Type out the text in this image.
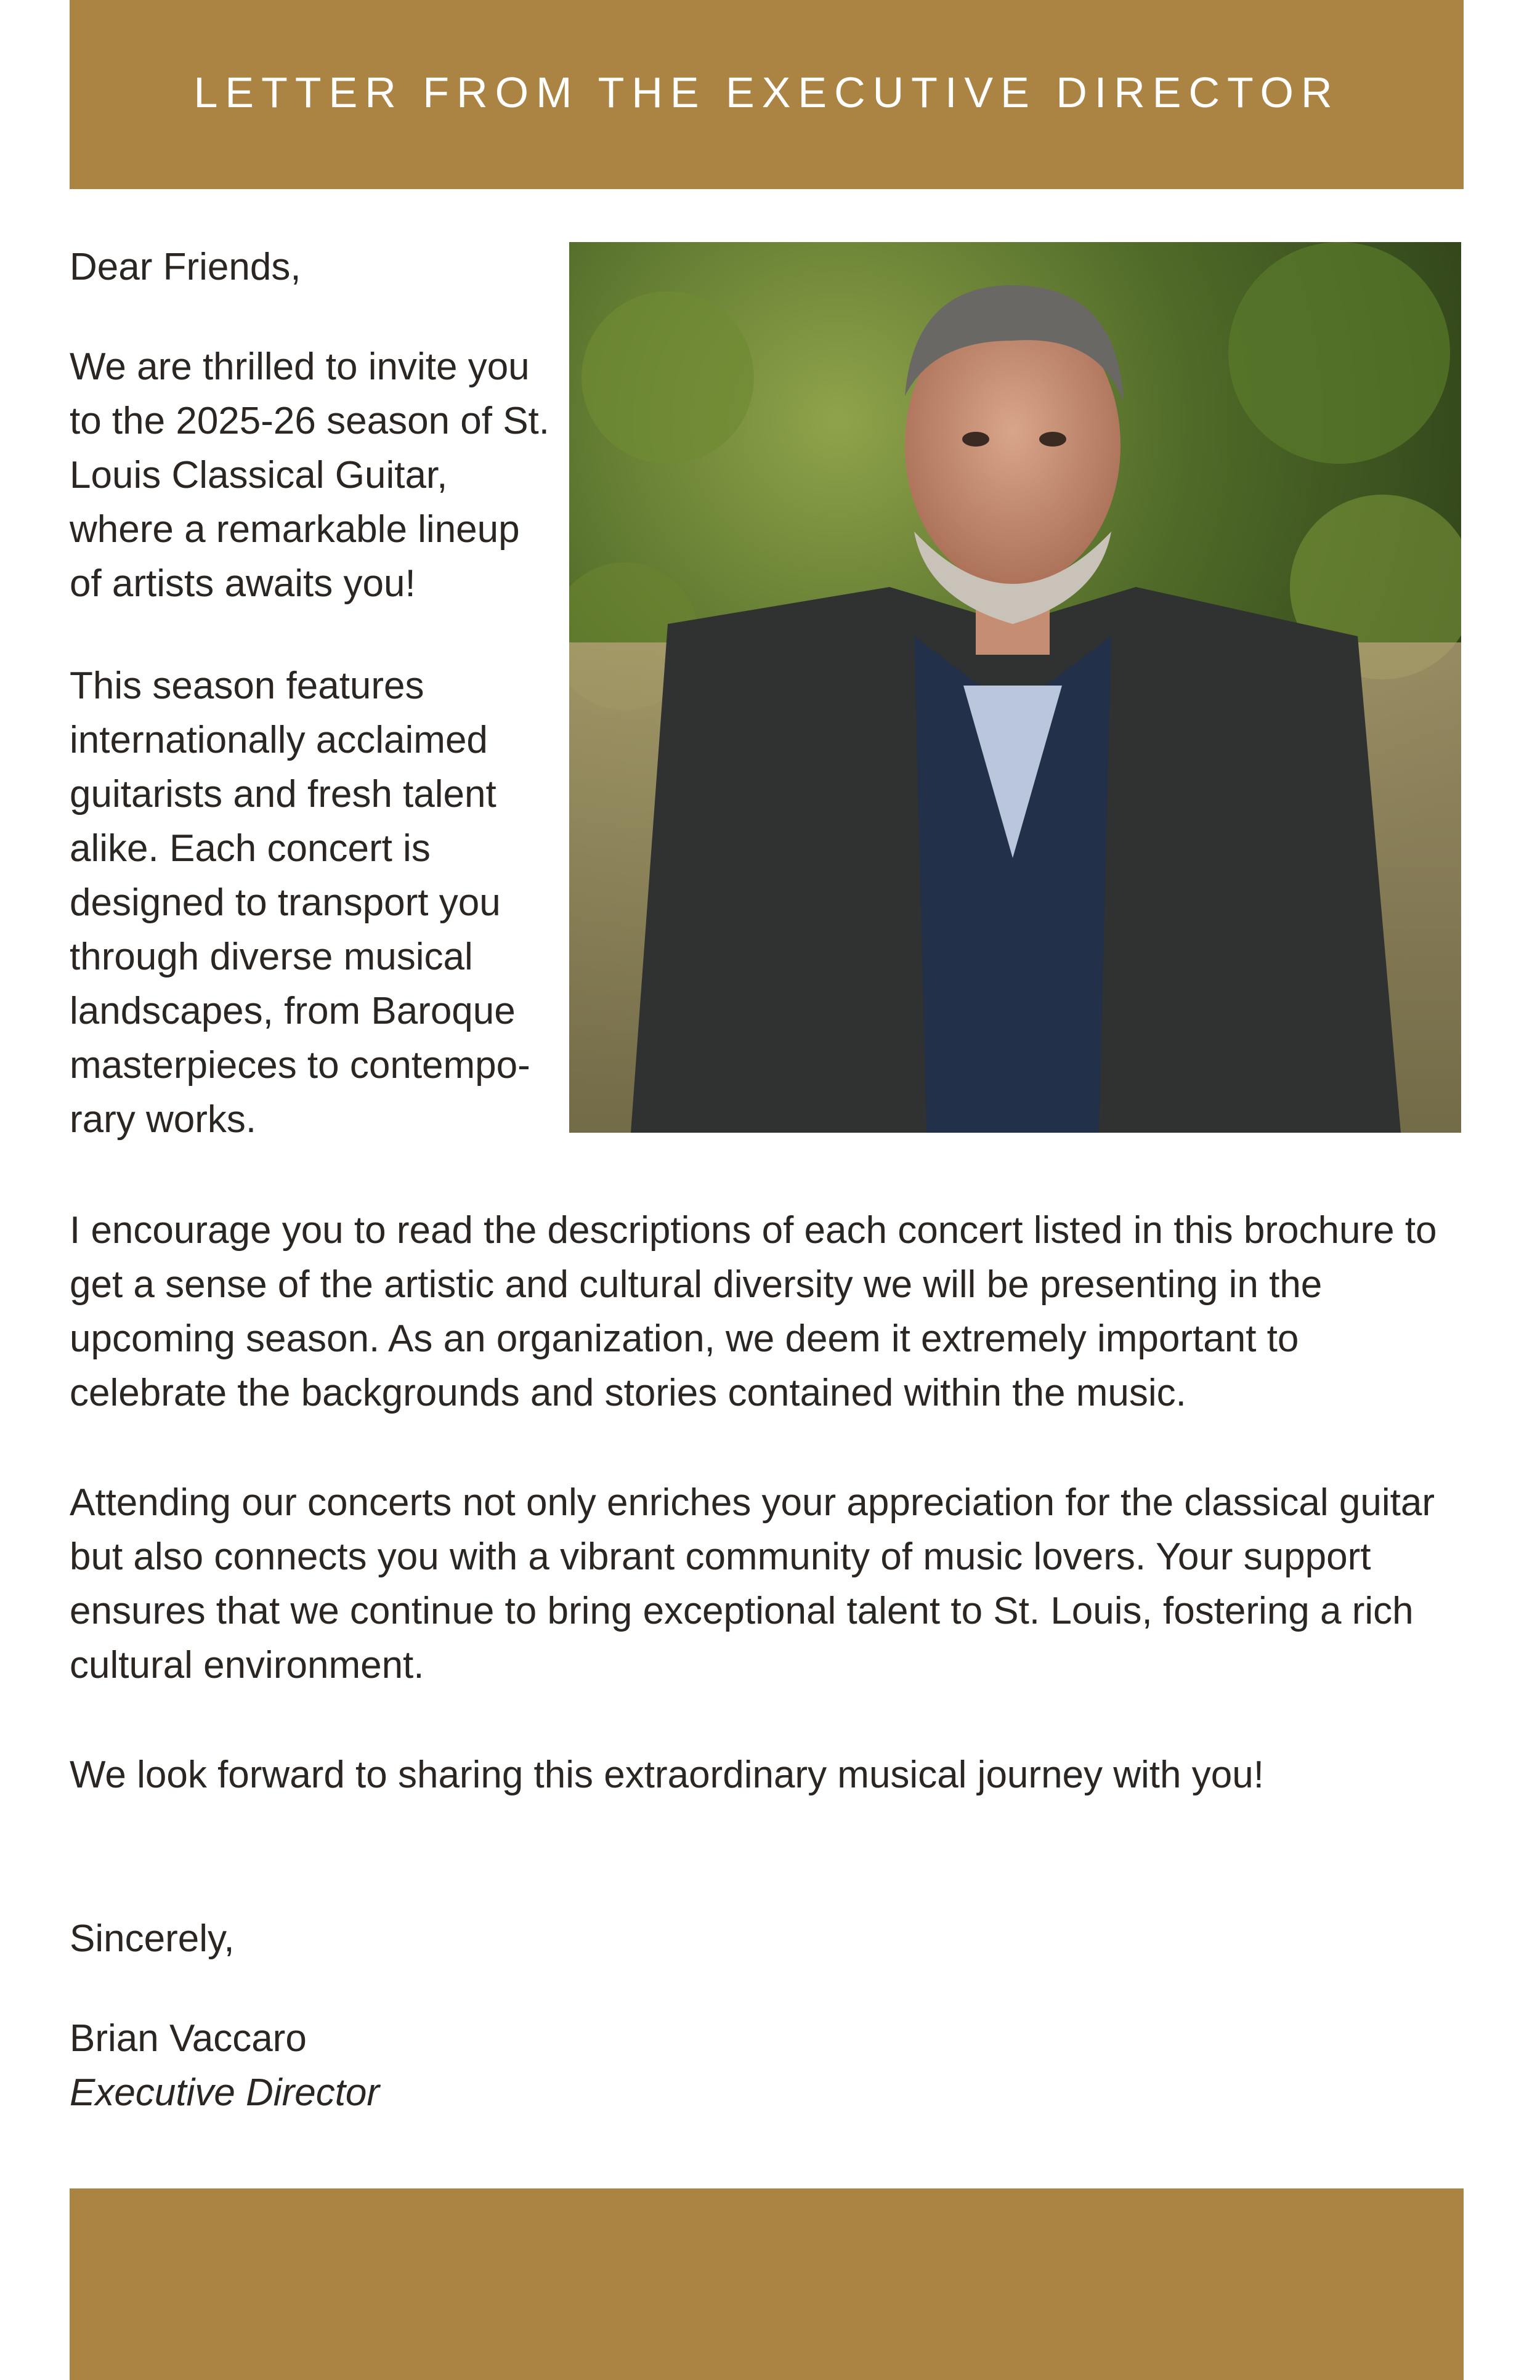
LETTER FROM THE EXECUTIVE DIRECTOR

Dear Friends,

We are thrilled to invite you to the 2025-26 season of St. Louis Classical Guitar, where a remarkable lineup of artists awaits you!

This season features internationally acclaimed guitarists and fresh talent alike. Each concert is designed to transport you through diverse musical landscapes, from Baroque masterpieces to contempo-rary works.

I encourage you to read the descriptions of each concert listed in this brochure to get a sense of the artistic and cultural diversity we will be presenting in the upcoming season. As an organization, we deem it extremely important to celebrate the backgrounds and stories contained within the music.

Attending our concerts not only enriches your appreciation for the classical guitar but also connects you with a vibrant community of music lovers. Your support ensures that we continue to bring exceptional talent to St. Louis, fostering a rich cultural environment.

We look forward to sharing this extraordinary musical journey with you!

Sincerely,

Brian Vaccaro

Executive Director
